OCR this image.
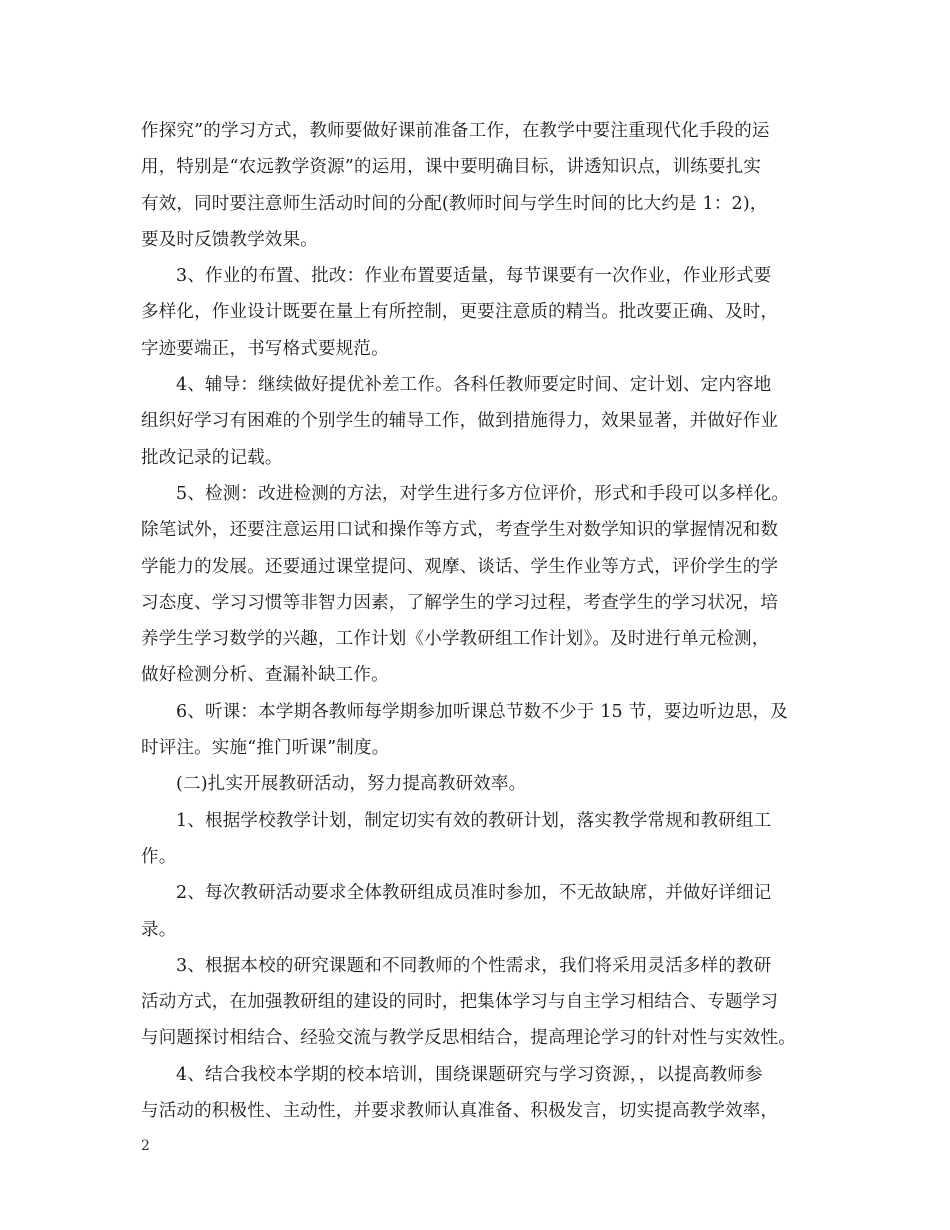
作探究”的学习方式，教师要做好课前准备工作，在教学中要注重现代化手段的运
用，特别是“农远教学资源”的运用，课中要明确目标，讲透知识点，训练要扎实
有效，同时要注意师生活动时间的分配(教师时间与学生时间的比大约是 1：2)，
要及时反馈教学效果。
3、作业的布置、批改：作业布置要适量，每节课要有一次作业，作业形式要
多样化，作业设计既要在量上有所控制，更要注意质的精当。批改要正确、及时，
字迹要端正，书写格式要规范。
4、辅导：继续做好提优补差工作。各科任教师要定时间、定计划、定内容地
组织好学习有困难的个别学生的辅导工作，做到措施得力，效果显著，并做好作业
批改记录的记载。
5、检测：改进检测的方法，对学生进行多方位评价，形式和手段可以多样化。
除笔试外，还要注意运用口试和操作等方式，考查学生对数学知识的掌握情况和数
学能力的发展。还要通过课堂提问、观摩、谈话、学生作业等方式，评价学生的学
习态度、学习习惯等非智力因素，了解学生的学习过程，考查学生的学习状况，培
养学生学习数学的兴趣，工作计划《小学教研组工作计划》。及时进行单元检测，
做好检测分析、查漏补缺工作。
6、听课：本学期各教师每学期参加听课总节数不少于 15 节，要边听边思，及
时评注。实施“推门听课”制度。
(二)扎实开展教研活动，努力提高教研效率。
1、根据学校教学计划，制定切实有效的教研计划，落实教学常规和教研组工
作。
2、每次教研活动要求全体教研组成员准时参加，不无故缺席，并做好详细记
录。
3、根据本校的研究课题和不同教师的个性需求，我们将采用灵活多样的教研
活动方式，在加强教研组的建设的同时，把集体学习与自主学习相结合、专题学习
与问题探讨相结合、经验交流与教学反思相结合，提高理论学习的针对性与实效性。
4、结合我校本学期的校本培训，围绕课题研究与学习资源，，以提高教师参
与活动的积极性、主动性，并要求教师认真准备、积极发言，切实提高教学效率，
2
